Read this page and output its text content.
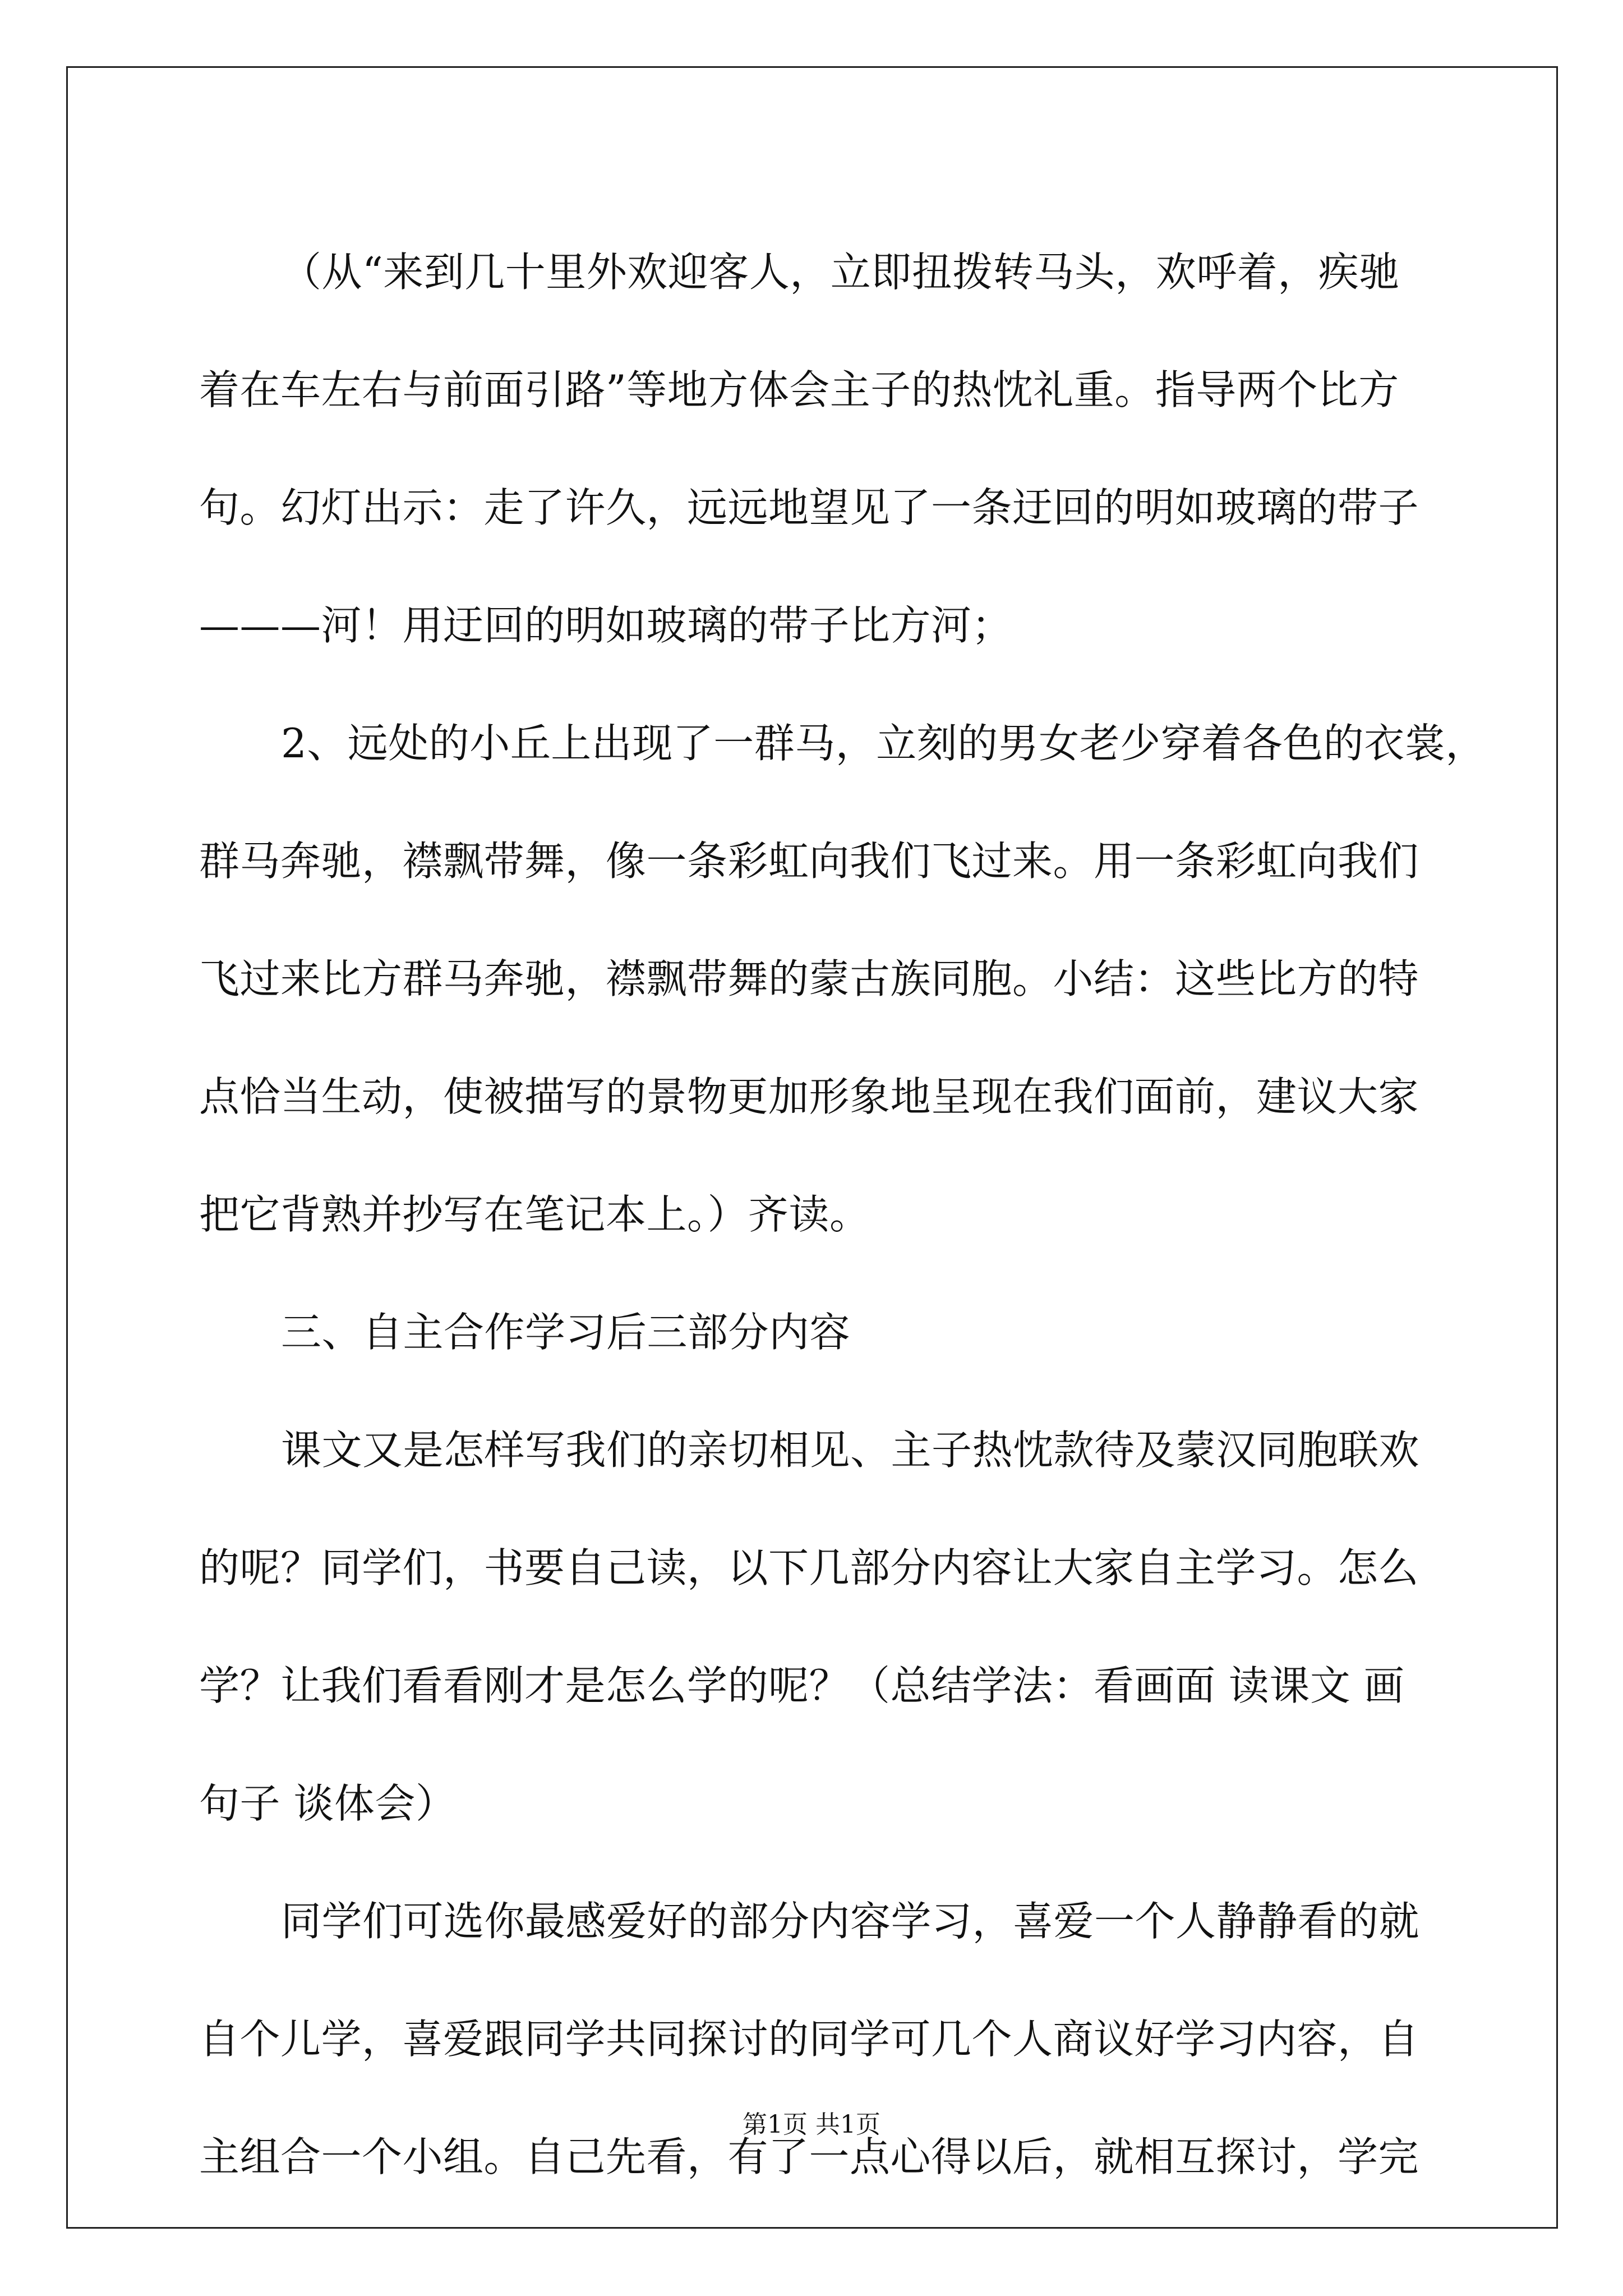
（从“来到几十里外欢迎客人，立即扭拨转马头，欢呼着，疾驰
着在车左右与前面引路”等地方体会主子的热忱礼重。指导两个比方
句。幻灯出示：走了许久，远远地望见了一条迂回的明如玻璃的带子
———河！用迂回的明如玻璃的带子比方河；
2、远处的小丘上出现了一群马，立刻的男女老少穿着各色的衣裳，
群马奔驰，襟飘带舞，像一条彩虹向我们飞过来。用一条彩虹向我们
飞过来比方群马奔驰，襟飘带舞的蒙古族同胞。小结：这些比方的特
点恰当生动，使被描写的景物更加形象地呈现在我们面前，建议大家
把它背熟并抄写在笔记本上。）齐读。
三、自主合作学习后三部分内容
课文又是怎样写我们的亲切相见、主子热忱款待及蒙汉同胞联欢
的呢？同学们，书要自己读，以下几部分内容让大家自主学习。怎么
学？让我们看看刚才是怎么学的呢？（总结学法：看画面 读课文 画
句子 谈体会）
同学们可选你最感爱好的部分内容学习，喜爱一个人静静看的就
自个儿学，喜爱跟同学共同探讨的同学可几个人商议好学习内容，自
主组合一个小组。自己先看，有了一点心得以后，就相互探讨，学完
第1页 共1页
